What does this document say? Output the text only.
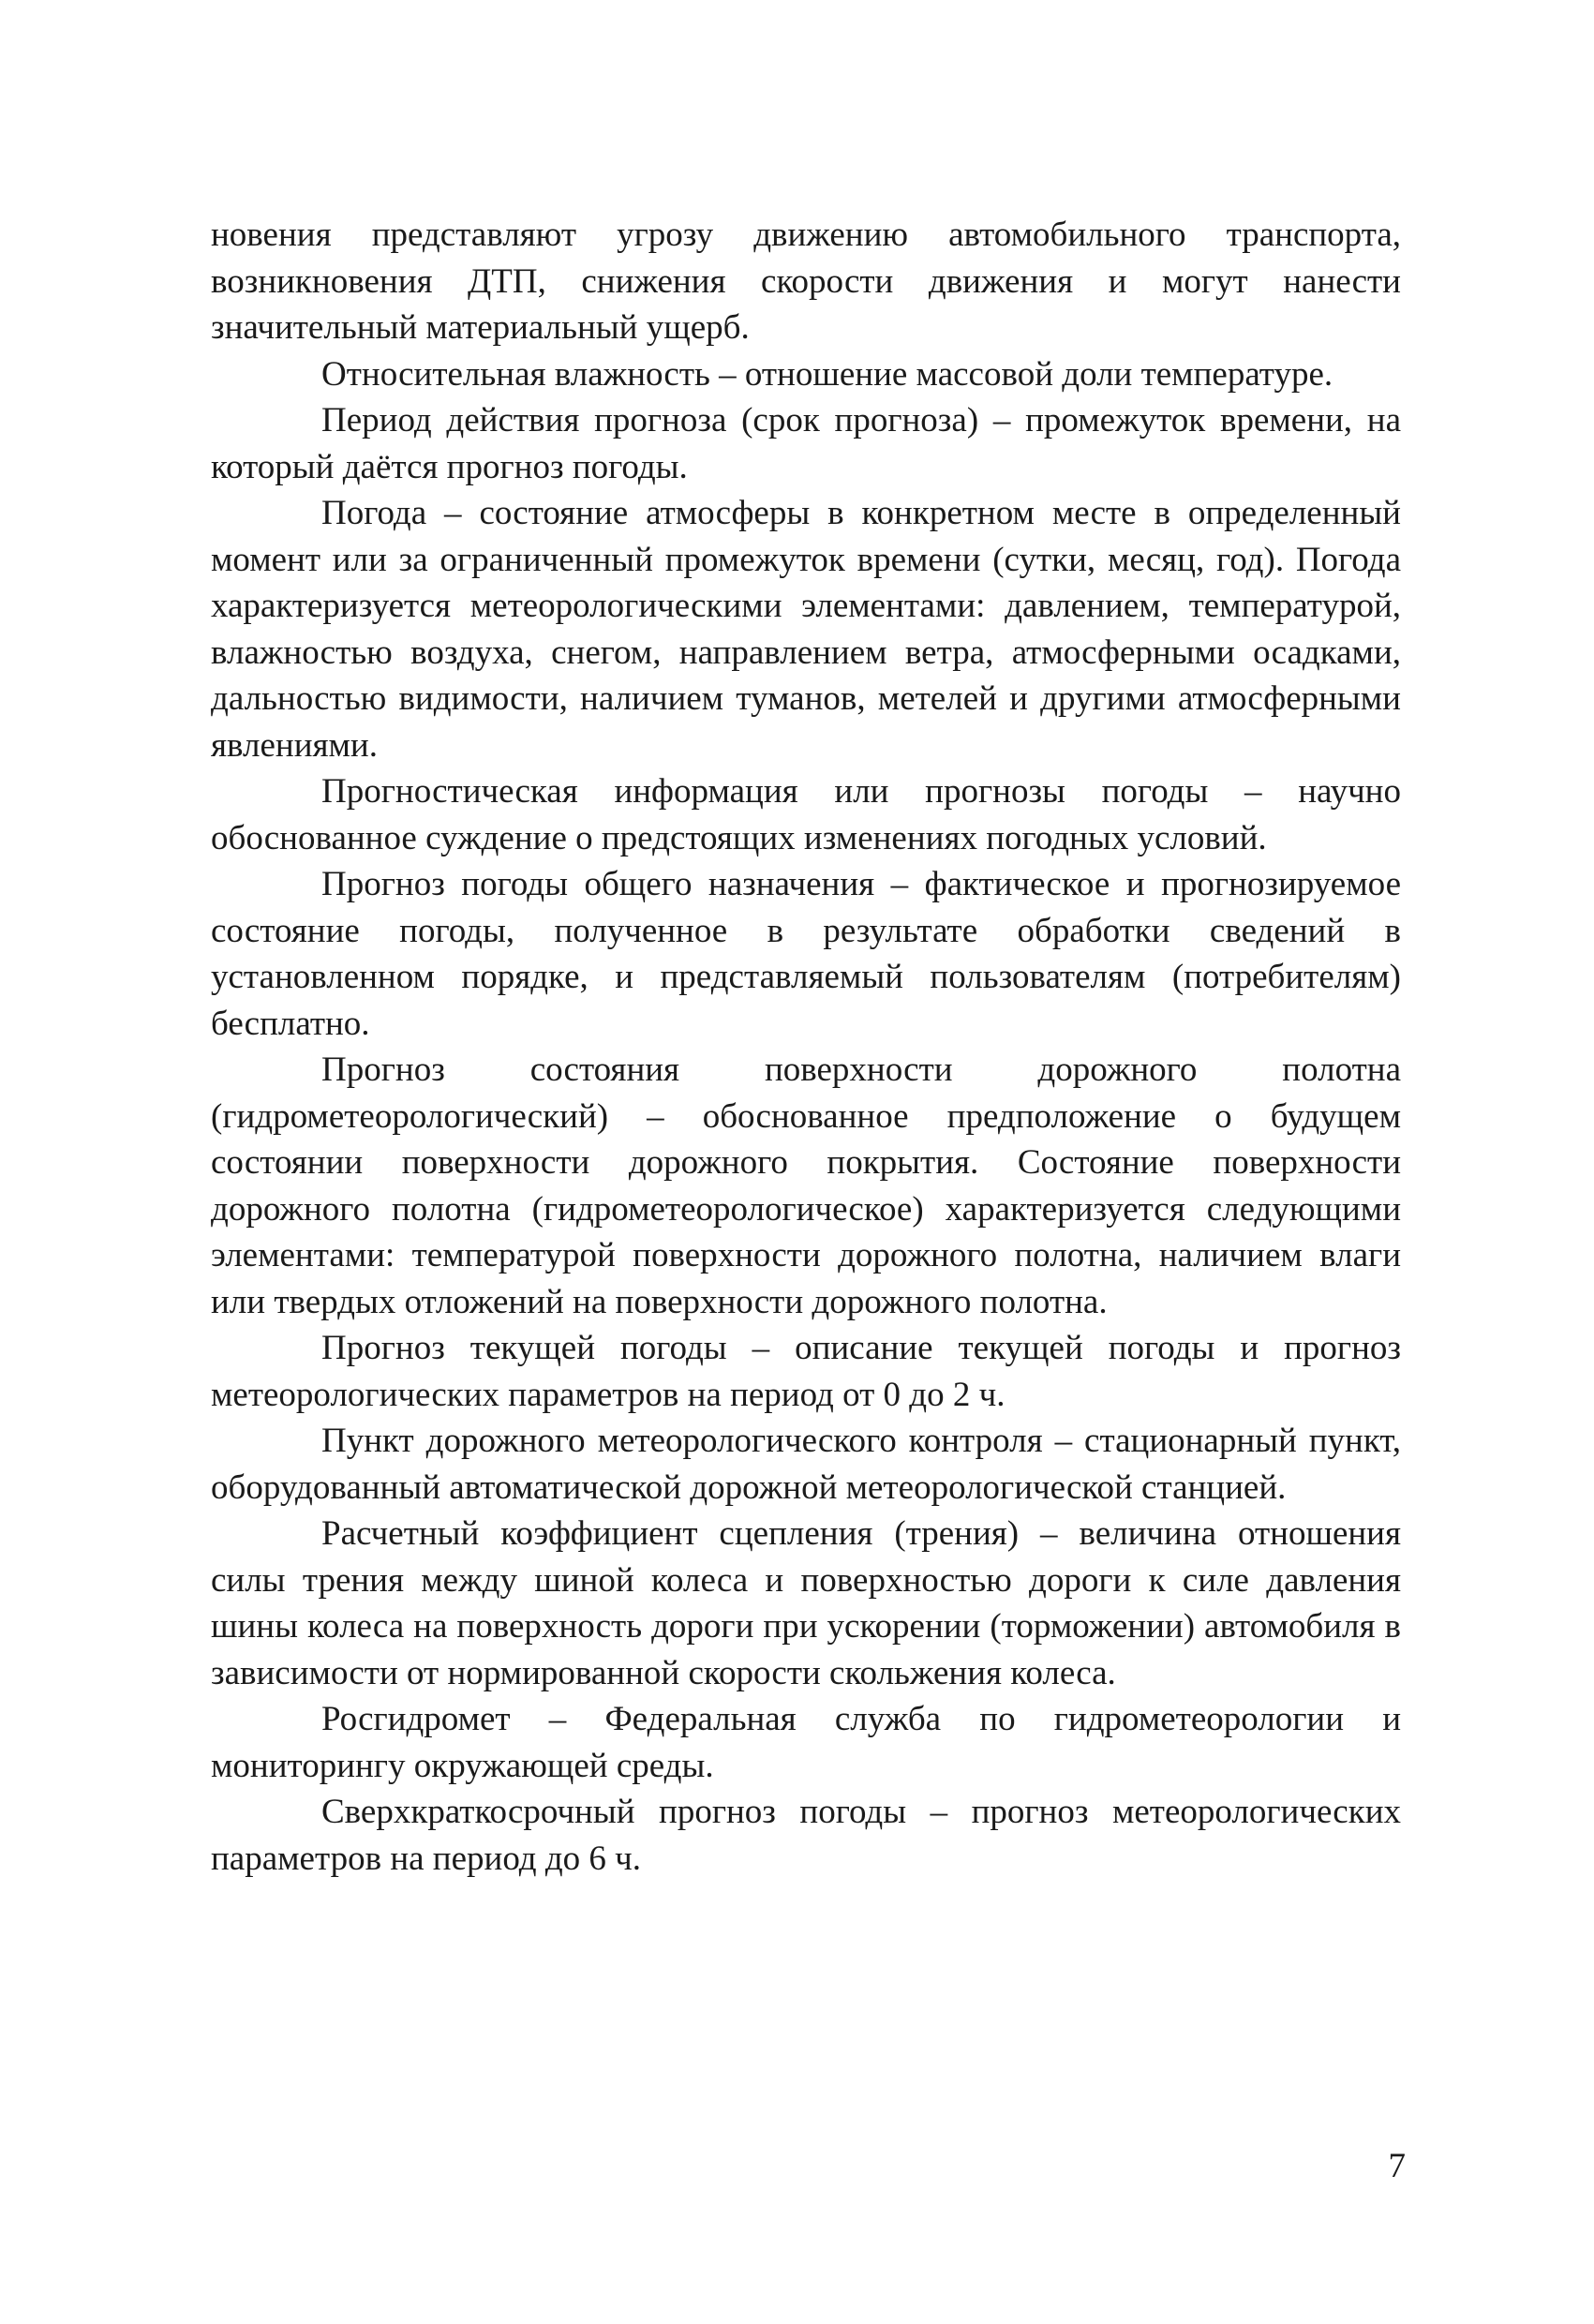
новения представляют угрозу движению автомобильного транспорта, возникновения ДТП, снижения скорости движения и могут нанести значительный материальный ущерб.

Относительная влажность – отношение массовой доли температуре.

Период действия прогноза (срок прогноза) – промежуток времени, на который даётся прогноз погоды.

Погода – состояние атмосферы в конкретном месте в определенный момент или за ограниченный промежуток времени (сутки, месяц, год). Погода характеризуется метеорологическими элементами: давлением, температурой, влажностью воздуха, снегом, направлением ветра, атмосферными осадками, дальностью видимости, наличием туманов, метелей и другими атмосферными явлениями.

Прогностическая информация или прогнозы погоды – научно обоснованное суждение о предстоящих изменениях погодных условий.

Прогноз погоды общего назначения – фактическое и прогнозируемое состояние погоды, полученное в результате обработки сведений в установленном порядке, и представляемый пользователям (потребителям) бесплатно.

Прогноз состояния поверхности дорожного полотна (гидрометеорологический) – обоснованное предположение о будущем состоянии поверхности дорожного покрытия. Состояние поверхности дорожного полотна (гидрометеорологическое) характеризуется следующими элементами: температурой поверхности дорожного полотна, наличием влаги или твердых отложений на поверхности дорожного полотна.

Прогноз текущей погоды – описание текущей погоды и прогноз метеорологических параметров на период от 0 до 2 ч.

Пункт дорожного метеорологического контроля – стационарный пункт, оборудованный автоматической дорожной метеорологической станцией.

Расчетный коэффициент сцепления (трения) – величина отношения силы трения между шиной колеса и поверхностью дороги к силе давления шины колеса на поверхность дороги при ускорении (торможении) автомобиля в зависимости от нормированной скорости скольжения колеса.

Росгидромет – Федеральная служба по гидрометеорологии и мониторингу окружающей среды.

Сверхкраткосрочный прогноз погоды – прогноз метеорологических параметров на период до 6 ч.

7
